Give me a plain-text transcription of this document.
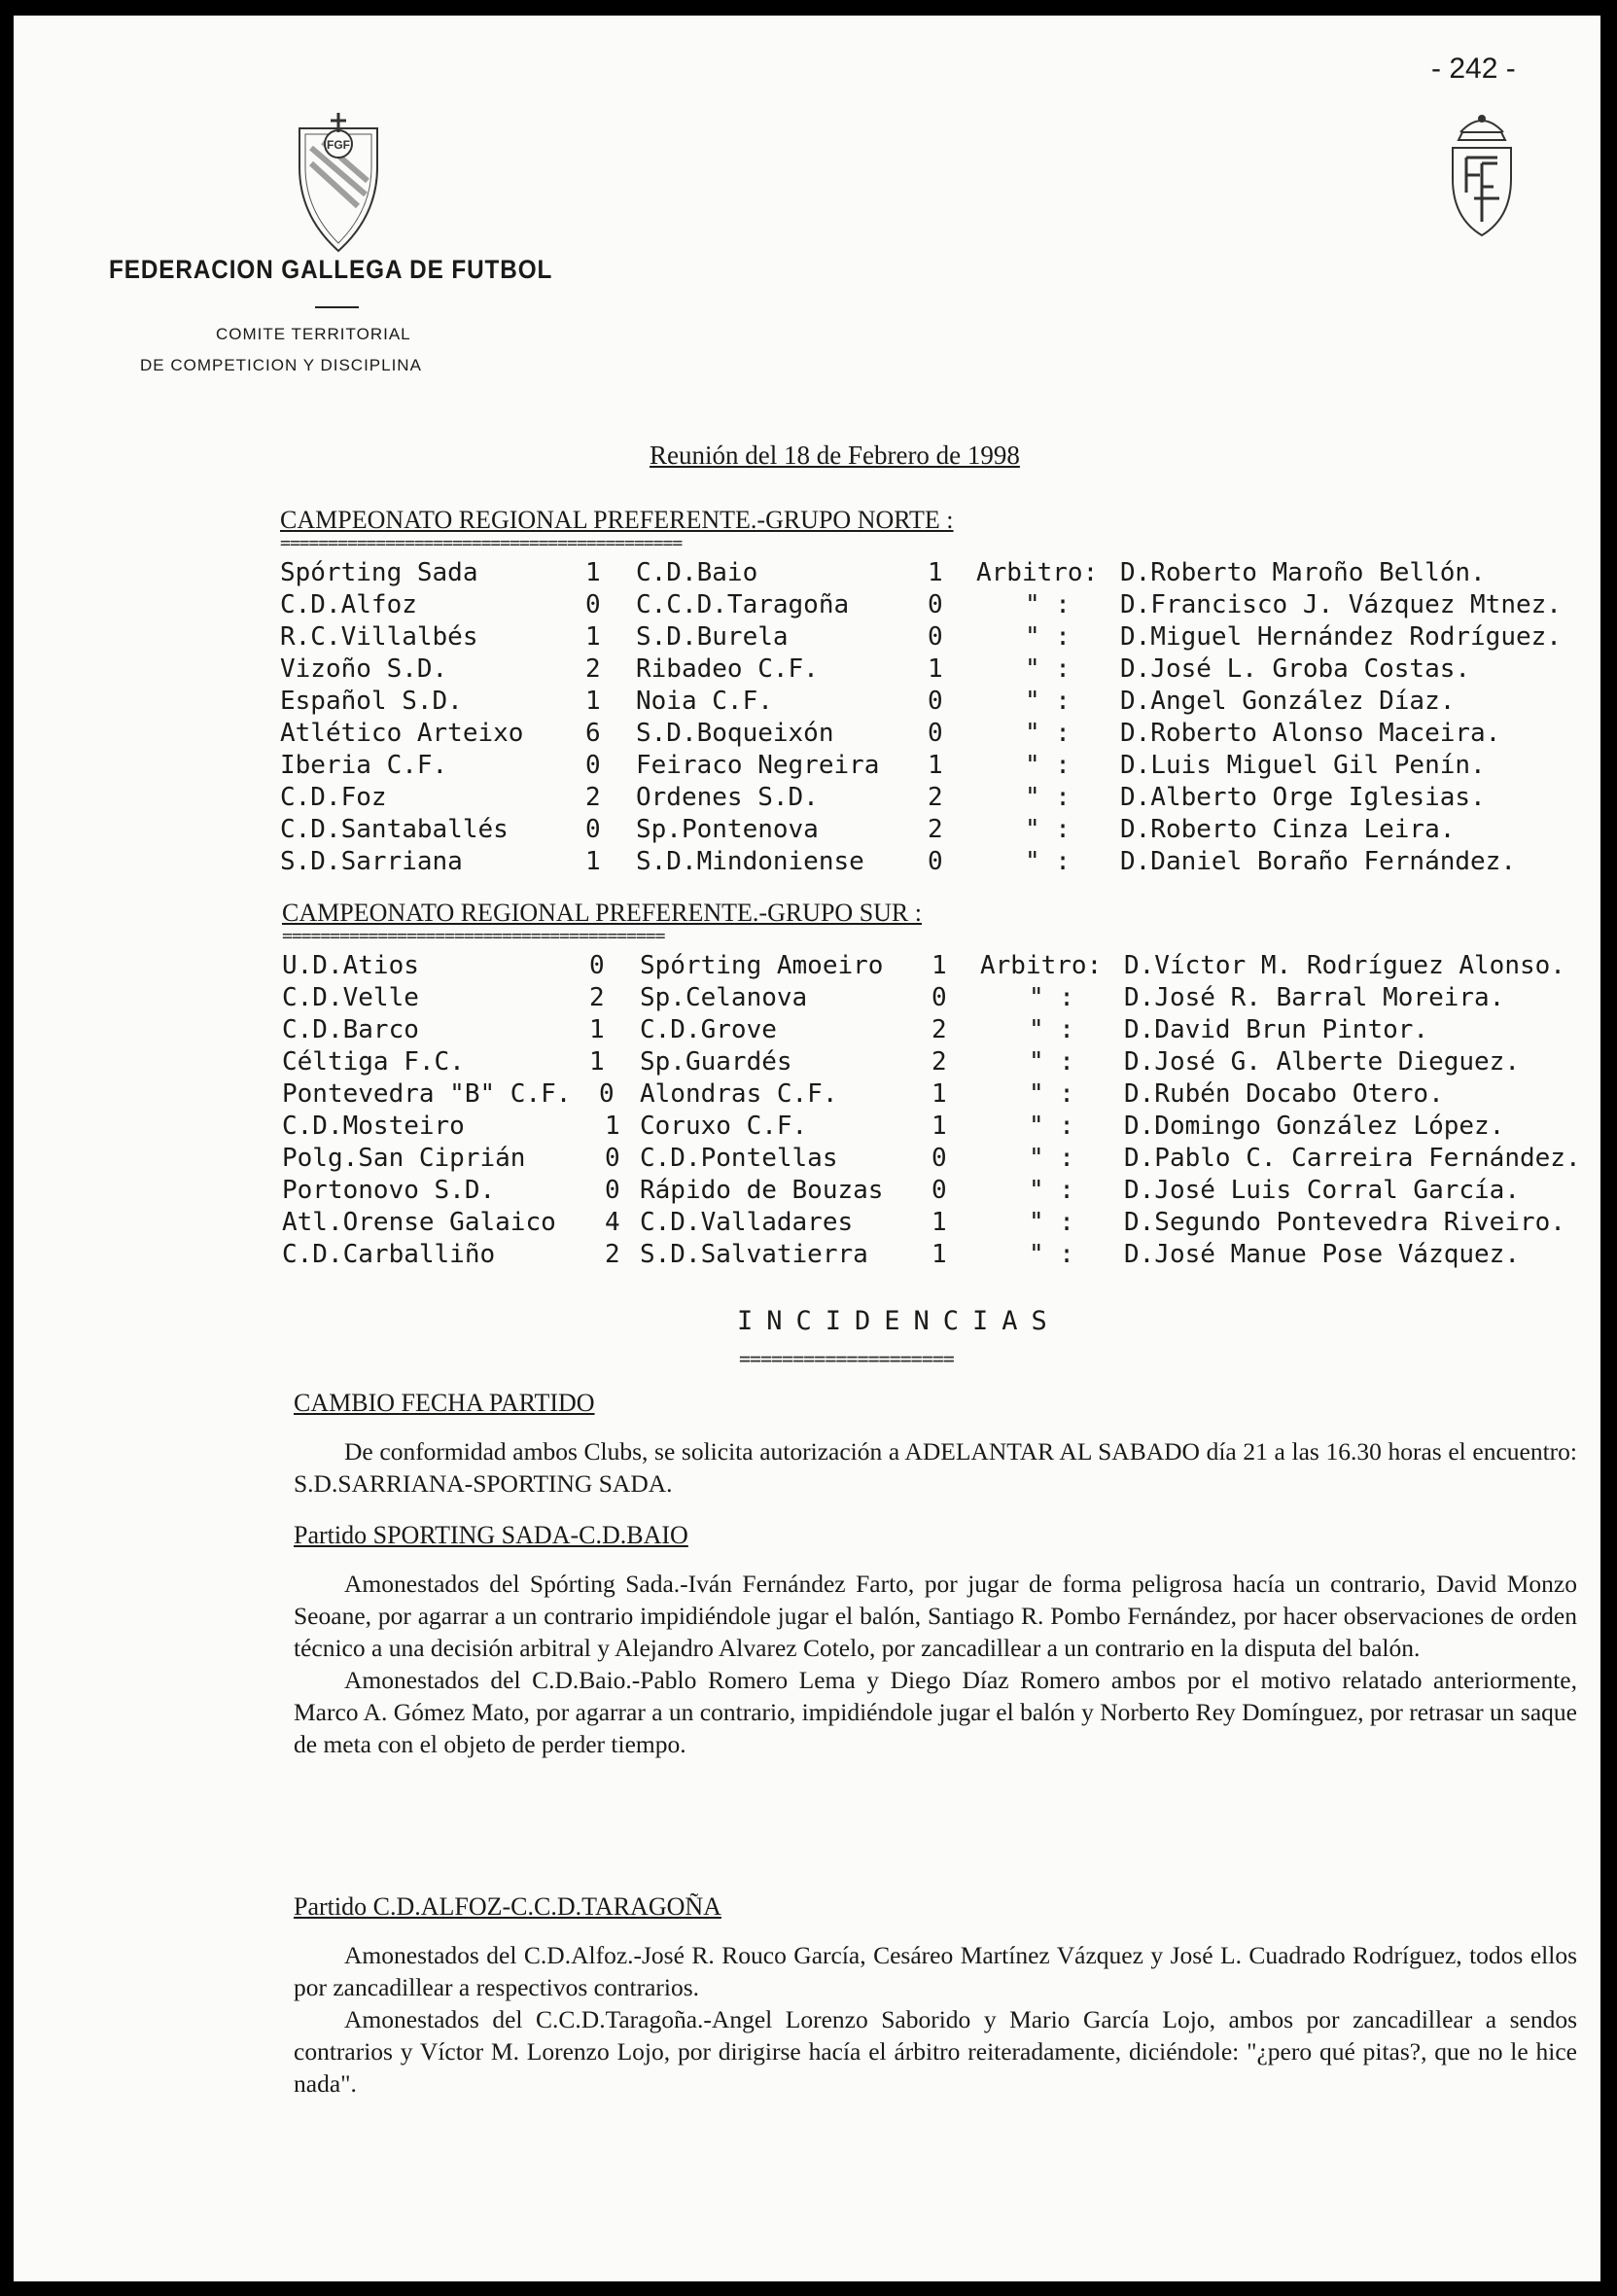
FGF
- 242 -
FEDERACION GALLEGA DE FUTBOL
COMITE TERRITORIAL
DE COMPETICION Y DISCIPLINA
Reunión del 18 de Febrero de 1998
CAMPEONATO REGIONAL PREFERENTE.-GRUPO NORTE :
==========================================
Spórting Sada	1 C.D.Baio	1 Arbitro: D.Roberto Maroño Bellón.
C.D.Alfoz	0 C.C.D.Taragoña	0	" : D.Francisco J. Vázquez Mtnez.
R.C.Villalbés	1 S.D.Burela	0	" : D.Miguel Hernández Rodríguez.
Vizoño S.D.	2 Ribadeo C.F.	1	" : D.José L. Groba Costas.
Español S.D.	1 Noia C.F.	0	" : D.Angel González Díaz.
Atlético Arteixo 6 S.D.Boqueixón	0	" : D.Roberto Alonso Maceira.
Iberia C.F.	0 Feiraco Negreira 1	" : D.Luis Miguel Gil Penín.
C.D.Foz	2 Ordenes S.D.	2	" : D.Alberto Orge Iglesias.
C.D.Santaballés	0 Sp.Pontenova	2	" : D.Roberto Cinza Leira.
S.D.Sarriana	1 S.D.Mindoniense	0	" : D.Daniel Boraño Fernández.
CAMPEONATO REGIONAL PREFERENTE.-GRUPO SUR :
========================================
U.D.Atios	0 Spórting Amoeiro 1 Arbitro: D.Víctor M. Rodríguez Alonso.
C.D.Velle	2 Sp.Celanova	0	" : D.José R. Barral Moreira.
C.D.Barco	1 C.D.Grove	2	" : D.David Brun Pintor.
Céltiga F.C.	1 Sp.Guardés	2	" : D.José G. Alberte Dieguez.
Pontevedra "B" C.F. 0 Alondras C.F.	1	" : D.Rubén Docabo Otero.
C.D.Mosteiro	1 Coruxo C.F.	1	" : D.Domingo González López.
Polg.San Ciprián	0 C.D.Pontellas	0	" : D.Pablo C. Carreira Fernández.
Portonovo S.D.	0 Rápido de Bouzas 0	" : D.José Luis Corral García.
Atl.Orense Galaico 4 C.D.Valladares	1	" : D.Segundo Pontevedra Riveiro.
C.D.Carballiño	2 S.D.Salvatierra	1	" : D.José Manue Pose Vázquez.
INCIDENCIAS
====================
CAMBIO FECHA PARTIDO

De conformidad ambos Clubs, se solicita autorización a ADELANTAR AL SABADO día 21 a las 16.30 horas el encuentro: S.D.SARRIANA-SPORTING SADA.

Partido SPORTING SADA-C.D.BAIO

Amonestados del Spórting Sada.-Iván Fernández Farto, por jugar de forma peligrosa hacía un contrario, David Monzo Seoane, por agarrar a un contrario impidiéndole jugar el balón, Santiago R. Pombo Fernández, por hacer observaciones de orden técnico a una decisión arbitral y Alejandro Alvarez Cotelo, por zancadillear a un contrario en la disputa del balón.

Amonestados del C.D.Baio.-Pablo Romero Lema y Diego Díaz Romero ambos por el motivo relatado anteriormente, Marco A. Gómez Mato, por agarrar a un contrario, impidiéndole jugar el balón y Norberto Rey Domínguez, por retrasar un saque de meta con el objeto de perder tiempo.

Partido C.D.ALFOZ-C.C.D.TARAGOÑA

Amonestados del C.D.Alfoz.-José R. Rouco García, Cesáreo Martínez Vázquez y José L. Cuadrado Rodríguez, todos ellos por zancadillear a respectivos contrarios.

Amonestados del C.C.D.Taragoña.-Angel Lorenzo Saborido y Mario García Lojo, ambos por zancadillear a sendos contrarios y Víctor M. Lorenzo Lojo, por dirigirse hacía el árbitro reiteradamente, diciéndole: "¿pero qué pitas?, que no le hice nada".
